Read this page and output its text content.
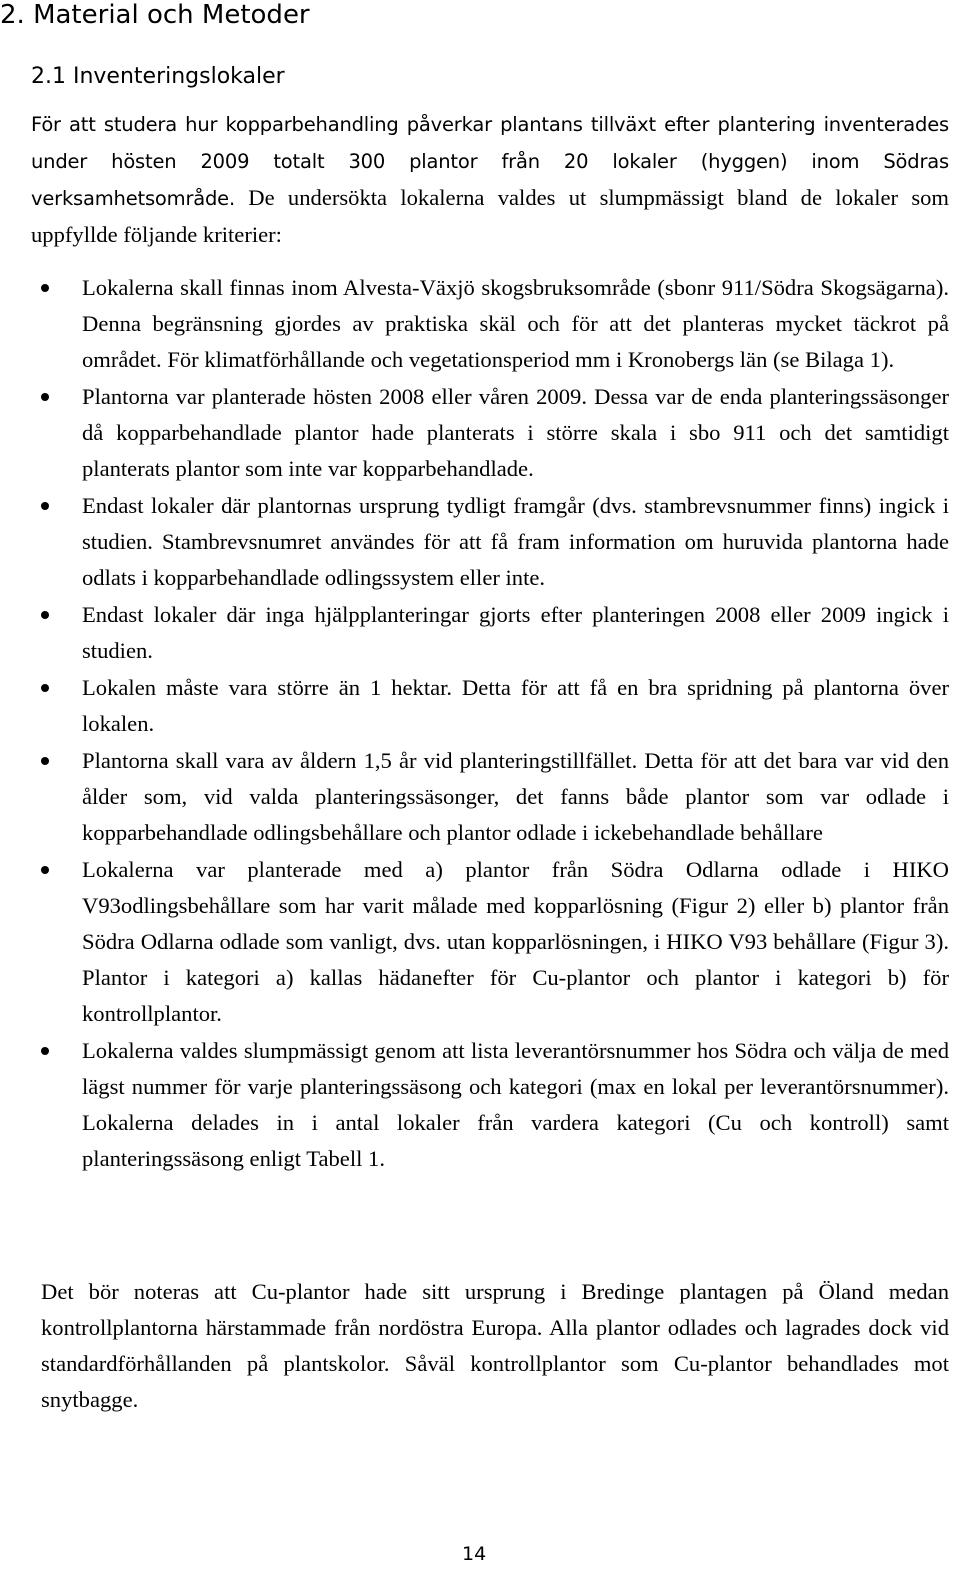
2. Material och Metoder
2.1 Inventeringslokaler

För att studera hur kopparbehandling påverkar plantans tillväxt efter plantering inventerades under hösten 2009 totalt 300 plantor från 20 lokaler (hyggen) inom Södras verksamhetsområde. De undersökta lokalerna valdes ut slumpmässigt bland de lokaler som uppfyllde följande kriterier:

Lokalerna skall finnas inom Alvesta-Växjö skogsbruksområde (sbonr 911/Södra Skogsägarna). Denna begränsning gjordes av praktiska skäl och för att det planteras mycket täckrot på området. För klimatförhållande och vegetationsperiod mm i Kronobergs län (se Bilaga 1).
Plantorna var planterade hösten 2008 eller våren 2009. Dessa var de enda planteringssäsonger då kopparbehandlade plantor hade planterats i större skala i sbo 911 och det samtidigt planterats plantor som inte var kopparbehandlade.
Endast lokaler där plantornas ursprung tydligt framgår (dvs. stambrevsnummer finns) ingick i studien. Stambrevsnumret användes för att få fram information om huruvida plantorna hade odlats i kopparbehandlade odlingssystem eller inte.
Endast lokaler där inga hjälpplanteringar gjorts efter planteringen 2008 eller 2009 ingick i studien.
Lokalen måste vara större än 1 hektar. Detta för att få en bra spridning på plantorna över lokalen.
Plantorna skall vara av åldern 1,5 år vid planteringstillfället. Detta för att det bara var vid den ålder som, vid valda planteringssäsonger, det fanns både plantor som var odlade i kopparbehandlade odlingsbehållare och plantor odlade i ickebehandlade behållare
Lokalerna var planterade med a) plantor från Södra Odlarna odlade i HIKO V93odlingsbehållare som har varit målade med kopparlösning (Figur 2) eller b) plantor från Södra Odlarna odlade som vanligt, dvs. utan kopparlösningen, i HIKO V93 behållare (Figur 3). Plantor i kategori a) kallas hädanefter för Cu-plantor och plantor i kategori b) för kontrollplantor.
Lokalerna valdes slumpmässigt genom att lista leverantörsnummer hos Södra och välja de med lägst nummer för varje planteringssäsong och kategori (max en lokal per leverantörsnummer). Lokalerna delades in i antal lokaler från vardera kategori (Cu och kontroll) samt planteringssäsong enligt Tabell 1.

Det bör noteras att Cu-plantor hade sitt ursprung i Bredinge plantagen på Öland medan kontrollplantorna härstammade från nordöstra Europa. Alla plantor odlades och lagrades dock vid standardförhållanden på plantskolor. Såväl kontrollplantor som Cu-plantor behandlades mot snytbagge.

14
